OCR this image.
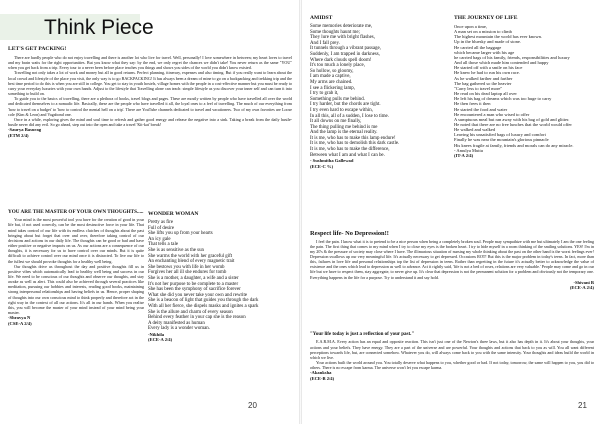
Think Piece
LET'S GET PACKING!

There are hardly people who do not enjoy travelling and there is another lot who live for travel. Well, personally! I love somewhere in between; my heart loves to travel and my brain waits for the right opportunities. But you know what they say: by the end, we only regret the chances we didn't take! You never return as the same "YOU" when you get back from a trip. Every tour to a never been before place teaches you things and shows you sides of the world you didn't know existed.

Travelling not only takes a lot of work and money but all in good returns. Perfect planning, itinerary, expenses and also timing. But if you really want to learn about the local crowd and lifestyle of the place you visit, the only way is to go BACKPACKING! It has always been a dream of mine to go on a backpacking and trekking trip and the best time period to do this is when you are still in college. You get to stay in youth hostels, village homes with the people in a cost-effective manner but you must be ready to carry your everyday luxuries with your own hands. Adjust to the lifestyle that Travelling alone can teach: simple lifestyle as you discover your inner self and can turn it into something to build on.

To guide you to the basics of travelling, there are a plethora of books, travel blogs and pages. These are mostly written by people who have travelled all over the world and dedicated themselves to a nomadic life. Basically, these are the people who have travelled it all, the loyal ones to a feel of travelling. The much of our everything from 'how to travel on a budget' to 'how to control the mental hell on a trip'. There are YouTube channels dedicated to travel and vacationers. Two of my own favorites are Loose cole (Kim & Leon) and Vagabond one.

Once in a while, exploring gives the mind and soul time to refresh and gather good energy and release the negative into a sink. Taking a break from the daily hustle-bustle never did any evil. So go ahead, step out into the open and take a travel 'Kit-kat' break!

-Saurya Basurag
(ETM 2/4)
YOU ARE THE MASTER OF YOUR OWN THOUGHTS.....

Your mind is the most powerful tool you have for the creation of good in your life but, if not used correctly, can be the most destructive force in your life. That mind takes control of our life with its endless clutches of thoughts about the past bringing about but forget that over and over, therefore taking control of our decisions and actions in our daily life. The thoughts can be good or bad and have either positive or negative impacts on us. As our actions are a consequence of our thoughts, it is necessary for us to have control over our minds. But it is quite difficult to achieve control over our mind once it is distracted. To live our life to the fullest we should provoke thoughts for a healthy well being.

Our thoughts drive us throughout the day and positive thoughts fill us in positive vibes which automatically lead to healthy well being and success in our life. We need to be conscious of our thoughts and observe our thoughts, and stay awake as well as alert. This could also be achieved through several practices like meditation, pursuing our hobbies and interests, reading good books, maintaining strong interpersonal relationships and having beliefs in us. Hence, proper shaping of thoughts into our own conscious mind to think properly and therefore act in the right way in the context of all our actions. It's all in our hands. When you realise this, you will become the master of your mind instead of your mind being your master.

-Shravya N
(CSE-A 2/4)
WONDER WOMAN
Pretty as fire
Full of desire
She lifts you up from your hearts
An icy gale
That tells a tale
She is as sensitive as the sun
She warms the world with her graceful gift
An enchanting blend of every magnetic trait
She bestows you with life in her womb
Forgives her all ill she endures for tomb
She is a mother, a daughter, a wife and a sister
It's not her purpose to be complete to a master
She has been the symphony of sacrifice forever
What she did you never take your own and rewrite
She is a beacon of light that guides you through the dark
With all her fierce, she dispels masks and ignites a spark
She is the allure and charm of every season
Behind every feather in your cap she is the reason
A deity manifested as human
Every lady is a wonder woman.
-Nikhila
(ECE-A 2/4)
20
AMIDST
Some memories deteriorate me,
Some thoughts haunt me;
They lure me with bright flashes,
And I fall prey.
It tunnels through a vibrant passage,
Suddenly, I am trapped in darkness,
Where dark clouds spell doom!
It's too much a lonely place,
So hollow, so gloomy,
I am made a captive,
My arms are chained.
I see a flickering lamp,
I try to grab it,
Something pulls me behind.
I try harder, but the chords are tight.
I try even hard to escape within,
In all this, all of a sudden, I lose to time.
It all downs on me finally,
The thing pulling me behind is me
And the lamp is the eternal reality.
It is me, who has to make this lamp endure!
It is me, who has to demolish this dark castle.
It is me, who has to make the difference,
Between what I am and what I can be.
- Sushmitha Gallewad
(ECE-C %)
THE JOURNEY OF LIFE
Once upon a time,
A man set on a mission to climb
The highest mountain the world has ever known.
Up in the bluesky and made of stone.
He carried all the baggage
which became larger with his age
he carried bags of his family, friends, responsibilities and luxury
And all those which made him contended and happy
He started off with a smile on his face
He knew he had to run his own race.
As he walked farther and farther
The bag gathered so the heavier
"Carry less to travel more"
He read on his dead laptop all over
He left his bag of dreams which was too huge to carry
He then frees it then
He started the food and water
He encountered a man who wised to offer
A sumptuous meal but ran away with his bag of gold and glitter.
He noted that there are no free lunches that the world would offer
He walked and walked
Leaving his unsatisfied bags of luxury and comfort
Finally he was near the mountain's glorious pinnacle
His knees fragile at family, friends and morals can do any miracle.
- Amulya Muttu
(IT-A 2/4)
Respect life- No Depression!!

I feel the pain. I know what it is to pretend to be a nice person when being a completely broken soul. People may sympathize with me but ultimately I am the one feeling the pain. The first thing that comes to my mind when I try to close my eyes is the broken heart. I try to hide myself in a room thinking of the smiling solutions. YES! I'm in my 20's & the pressure of society may close where I have. The illimarious situation of nursing my whole thinking about the past on the other hand is the worst feelings ever! Depression swallows up our very meaningful life. It's actually necessary to get depressed. Occasions ROT! But this is the major problem in today's teens. In fact, more than this, failures in love life and personal relationships top the list of depression in teens. Rather than regretting in the future it's actually better to acknowledge the value of existence and the ones which lead to depression as well to advance. Act it rightly said, 'life is not a bed of roses, relations are very valuable.' People may come and go in our life but we have to respect them, stay aggregate, to never give up. It's clear that depression is not the permanent solution for a problem and obviously not the temporary one. Everything happens in the life for a purpose. Try to understand it and say hold.

-Shivani B
(ECE-A 2/4)
"Your life today is just a reflection of your past."

E.A.R.M.A. Every action has an equal and opposite reaction. This isn't just one of the Newton's three laws, but it also has depth in it. It's about your thoughts, your actions and your beliefs. They have energy. They are a part of the universe and are powerful. Your thoughts and actions that back to you as will. You all want different perceptions towards life, but, are connected somehow. Whatever you do, will always come back to you with the same intensity. Your thoughts and ideas build the world in which we live.

Your actions built the world around you. You totally deserve what happens to you, whether good or bad. If not today, tomorrow, the same will happen to you, you did to others. There is no escape from karma. The universe won't let you escape karma.

-Akanksha
(ECE-B 2/4)
21
